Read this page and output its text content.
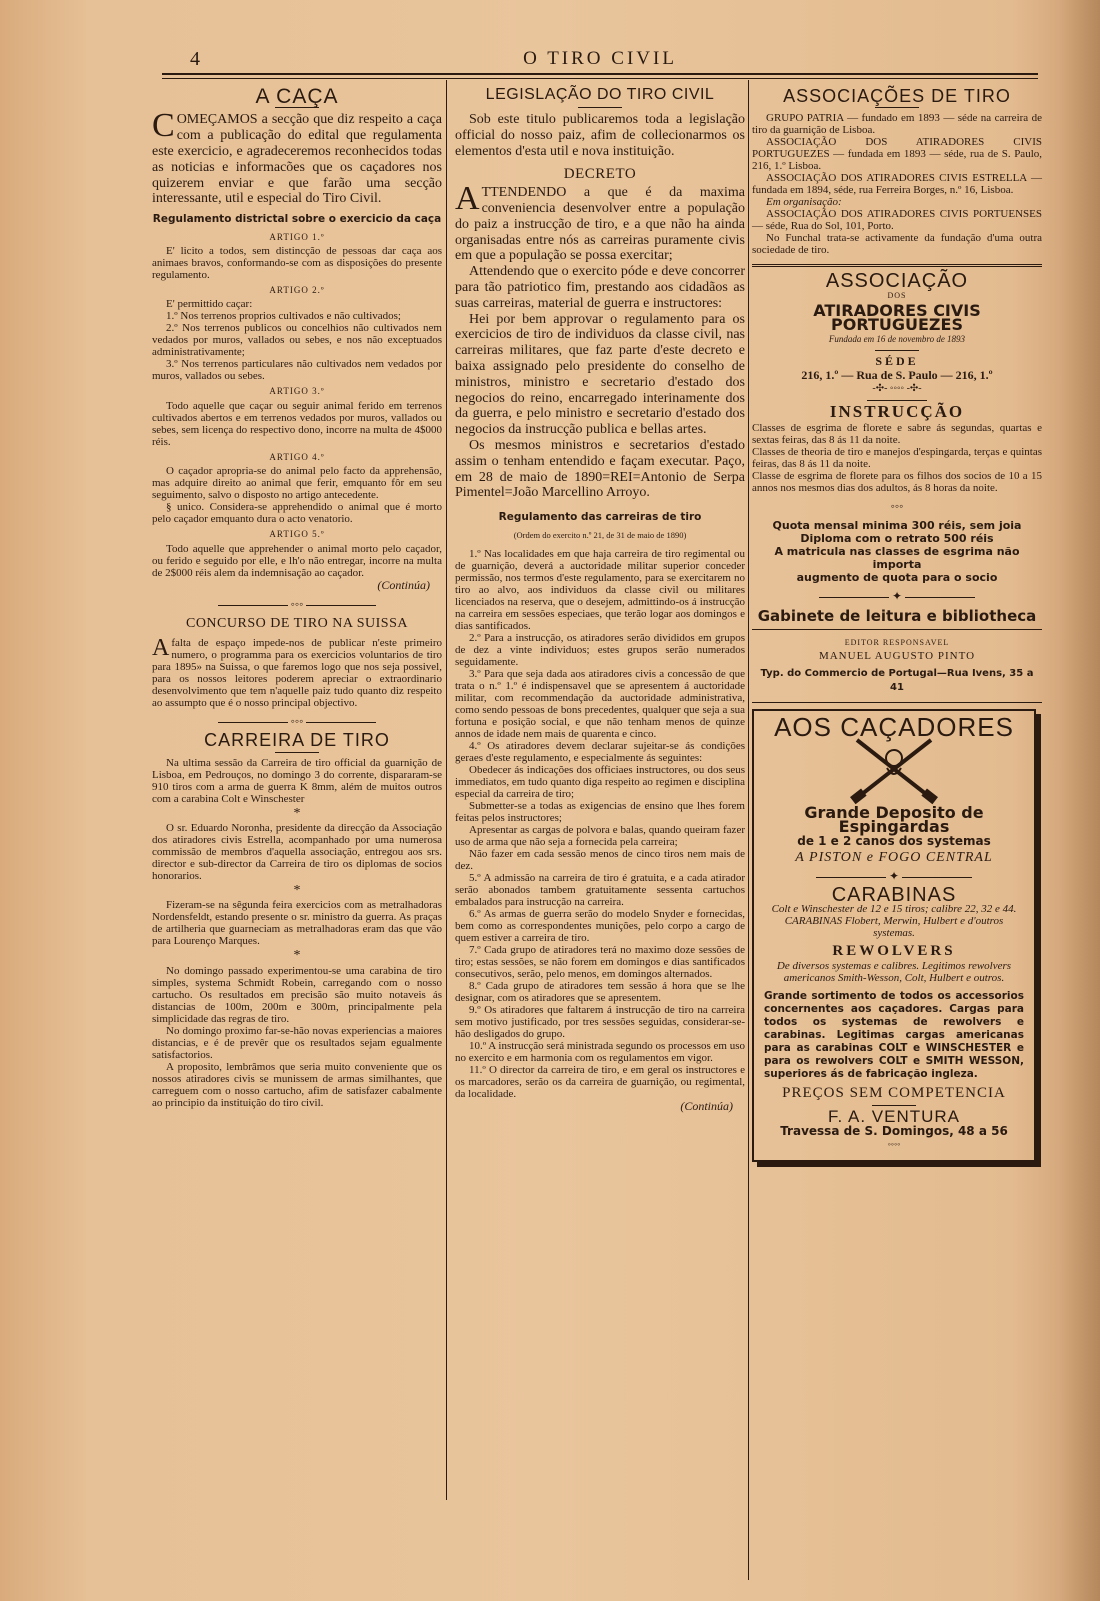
4	O TIRO CIVIL
A CAÇA
COMEÇAMOS a secção que diz respeito a caça com a publicação do edital que regulamenta este exercicio, e agradeceremos reconhecidos todas as noticias e informacões que os caçadores nos quizerem enviar e que farão uma secção interessante, util e especial do Tiro Civil.
Regulamento districtal sobre o exercicio da caça
ARTIGO 1.º

E' licito a todos, sem distincção de pessoas dar caça aos animaes bravos, conformando-se com as disposições do presente regulamento.

ARTIGO 2.º

E' permittido caçar:

1.º Nos terrenos proprios cultivados e não cultivados;

2.º Nos terrenos publicos ou concelhios não cultivados nem vedados por muros, vallados ou sebes, e nos não exceptuados administrativamente;

3.º Nos terrenos particulares não cultivados nem vedados por muros, vallados ou sebes.

ARTIGO 3.º

Todo aquelle que caçar ou seguir animal ferido em terrenos cultivados abertos e em terrenos vedados por muros, vallados ou sebes, sem licença do respectivo dono, incorre na multa de 4$000 réis.

ARTIGO 4.º

O caçador apropria-se do animal pelo facto da apprehensão, mas adquire direito ao animal que ferir, emquanto fôr em seu seguimento, salvo o disposto no artigo antecedente.

§ unico. Considera-se apprehendido o animal que é morto pelo caçador emquanto dura o acto venatorio.

ARTIGO 5.º

Todo aquelle que apprehender o animal morto pelo caçador, ou ferido e seguido por elle, e lh'o não entregar, incorre na multa de 2$000 réis alem da indemnisação ao caçador.

(Continúa)
◦◦◦
CONCURSO DE TIRO NA SUISSA

Afalta de espaço impede-nos de publicar n'este primeiro numero, o programma para os exercicios voluntarios de tiro para 1895» na Suissa, o que faremos logo que nos seja possivel, para os nossos leitores poderem apreciar o extraordinario desenvolvimento que tem n'aquelle paiz tudo quanto diz respeito ao assumpto que é o nosso principal objectivo.

◦◦◦
CARREIRA DE TIRO

Na ultima sessão da Carreira de tiro official da guarnição de Lisboa, em Pedrouços, no domingo 3 do corrente, dispararam-se 910 tiros com a arma de guerra K 8mm, além de muitos outros com a carabina Colt e Winschester

*

O sr. Eduardo Noronha, presidente da direcção da Associação dos atiradores civis Estrella, acompanhado por uma numerosa commissão de membros d'aquella associação, entregou aos srs. director e sub-director da Carreira de tiro os diplomas de socios honorarios.

*

Fizeram-se na sêgunda feira exercicios com as metralhadoras Nordensfeldt, estando presente o sr. ministro da guerra. As praças de artilheria que guarneciam as metralhadoras eram das que vão para Lourenço Marques.

*

No domingo passado experimentou-se uma carabina de tiro simples, systema Schmidt Robein, carregando com o nosso cartucho. Os resultados em precisão são muito notaveis ás distancias de 100m, 200m e 300m, principalmente pela simplicidade das regras de tiro.

No domingo proximo far-se-hão novas experiencias a maiores distancias, e é de prevêr que os resultados sejam egualmente satisfactorios.

A proposito, lembrâmos que seria muito conveniente que os nossos atiradores civis se munissem de armas similhantes, que carreguem com o nosso cartucho, afim de satisfazer cabalmente ao principio da instituição do tiro civil.

LEGISLAÇÃO DO TIRO CIVIL

Sob este titulo publicaremos toda a legislação official do nosso paiz, afim de collecionarmos os elementos d'esta util e nova instituição.

DECRETO

ATTENDENDO a que é da maxima conveniencia desenvolver entre a população do paiz a instrucção de tiro, e a que não ha ainda organisadas entre nós as carreiras puramente civis em que a população se possa exercitar;

Attendendo que o exercito póde e deve concorrer para tão patriotico fim, prestando aos cidadãos as suas carreiras, material de guerra e instructores:

Hei por bem approvar o regulamento para os exercicios de tiro de individuos da classe civil, nas carreiras militares, que faz parte d'este decreto e baixa assignado pelo presidente do conselho de ministros, ministro e secretario d'estado dos negocios do reino, encarregado interinamente dos da guerra, e pelo ministro e secretario d'estado dos negocios da instrucção publica e bellas artes.

Os mesmos ministros e secretarios d'estado assim o tenham entendido e façam executar. Paço, em 28 de maio de 1890=REI=Antonio de Serpa Pimentel=João Marcellino Arroyo.

Regulamento das carreiras de tiro
(Ordem do exercito n.º 21, de 31 de maio de 1890)

1.º Nas localidades em que haja carreira de tiro regimental ou de guarnição, deverá a auctoridade militar superior conceder permissão, nos termos d'este regulamento, para se exercitarem no tiro ao alvo, aos individuos da classe civil ou militares licenciados na reserva, que o desejem, admittindo-os á instrucção na carreira em sessões especiaes, que terão logar aos domingos e dias santificados.

2.º Para a instrucção, os atiradores serão divididos em grupos de dez a vinte individuos; estes grupos serão numerados seguidamente.

3.º Para que seja dada aos atiradores civis a concessão de que trata o n.º 1.º é indispensavel que se apresentem á auctoridade militar, com recommendação da auctoridade administrativa, como sendo pessoas de bons precedentes, qualquer que seja a sua fortuna e posição social, e que não tenham menos de quinze annos de idade nem mais de quarenta e cinco.

4.º Os atiradores devem declarar sujeitar-se ás condições geraes d'este regulamento, e especialmente ás seguintes:

Obedecer ás indicações dos officiaes instructores, ou dos seus immediatos, em tudo quanto diga respeito ao regimen e disciplina especial da carreira de tiro;

Submetter-se a todas as exigencias de ensino que lhes forem feitas pelos instructores;

Apresentar as cargas de polvora e balas, quando queiram fazer uso de arma que não seja a fornecida pela carreira;

Não fazer em cada sessão menos de cinco tiros nem mais de dez.

5.º A admissão na carreira de tiro é gratuita, e a cada atirador serão abonados tambem gratuitamente sessenta cartuchos embalados para instrucção na carreira.

6.º As armas de guerra serão do modelo Snyder e fornecidas, bem como as correspondentes munições, pelo corpo a cargo de quem estiver a carreira de tiro.

7.º Cada grupo de atiradores terá no maximo doze sessões de tiro; estas sessões, se não forem em domingos e dias santificados consecutivos, serão, pelo menos, em domingos alternados.

8.º Cada grupo de atiradores tem sessão á hora que se lhe designar, com os atiradores que se apresentem.

9.º Os atiradores que faltarem á instrucção de tiro na carreira sem motivo justificado, por tres sessões seguidas, considerar-se-hão desligados do grupo.

10.º A instrucção será ministrada segundo os processos em uso no exercito e em harmonia com os regulamentos em vigor.

11.º O director da carreira de tiro, e em geral os instructores e os marcadores, serão os da carreira de guarnição, ou regimental, da localidade.

(Continúa)
ASSOCIAÇÕES DE TIRO

GRUPO PATRIA — fundado em 1893 — séde na carreira de tiro da guarnição de Lisboa.

ASSOCIAÇÃO DOS ATIRADORES CIVIS PORTUGUEZES — fundada em 1893 — séde, rua de S. Paulo, 216, 1.º Lisboa.

ASSOCIAÇÃO DOS ATIRADORES CIVIS ESTRELLA — fundada em 1894, séde, rua Ferreira Borges, n.º 16, Lisboa.

Em organisação:

ASSOCIAÇÃO DOS ATIRADORES CIVIS PORTUENSES — séde, Rua do Sol, 101, Porto.

No Funchal trata-se activamente da fundação d'uma outra sociedade de tiro.

ASSOCIAÇÃO
DOS
ATIRADORES CIVIS PORTUGUEZES
Fundada em 16 de novembro de 1893
SÉDE
216, 1.º — Rua de S. Paulo — 216, 1.º
-✣- ◦◦◦◦ -✣-
INSTRUCÇÃO

Classes de esgrima de florete e sabre ás segundas, quartas e sextas feiras, das 8 ás 11 da noite.

Classes de theoria de tiro e manejos d'espingarda, terças e quintas feiras, das 8 ás 11 da noite.

Classe de esgrima de florete para os filhos dos socios de 10 a 15 annos nos mesmos dias dos adultos, ás 8 horas da noite.

◦◦◦
Quota mensal minima 300 réis, sem joia
Diploma com o retrato 500 réis
A matricula nas classes de esgrima não importa
augmento de quota para o socio
✦
Gabinete de leitura e bibliotheca
EDITOR RESPONSAVEL
MANUEL AUGUSTO PINTO
Typ. do Commercio de Portugal—Rua Ivens, 35 a 41
AOS CAÇADORES
Grande Deposito de Espingardas
de 1 e 2 canos dos systemas
A PISTON e FOGO CENTRAL
✦
CARABINAS

Colt e Winschester de 12 e 15 tiros; calibre 22, 32 e 44. CARABINAS Flobert, Merwin, Hulbert e d'outros systemas.

REWOLVERS

De diversos systemas e calibres. Legitimos rewolvers americanos Smith-Wesson, Colt, Hulbert e outros.

Grande sortimento de todos os accessorios concernentes aos caçadores. Cargas para todos os systemas de rewolvers e carabinas. Legitimas cargas americanas para as carabinas COLT e WINSCHESTER e para os rewolvers COLT e SMITH WESSON, superiores ás de fabricação ingleza.

PREÇOS SEM COMPETENCIA
F. A. VENTURA
Travessa de S. Domingos, 48 a 56
◦◦◦◦
